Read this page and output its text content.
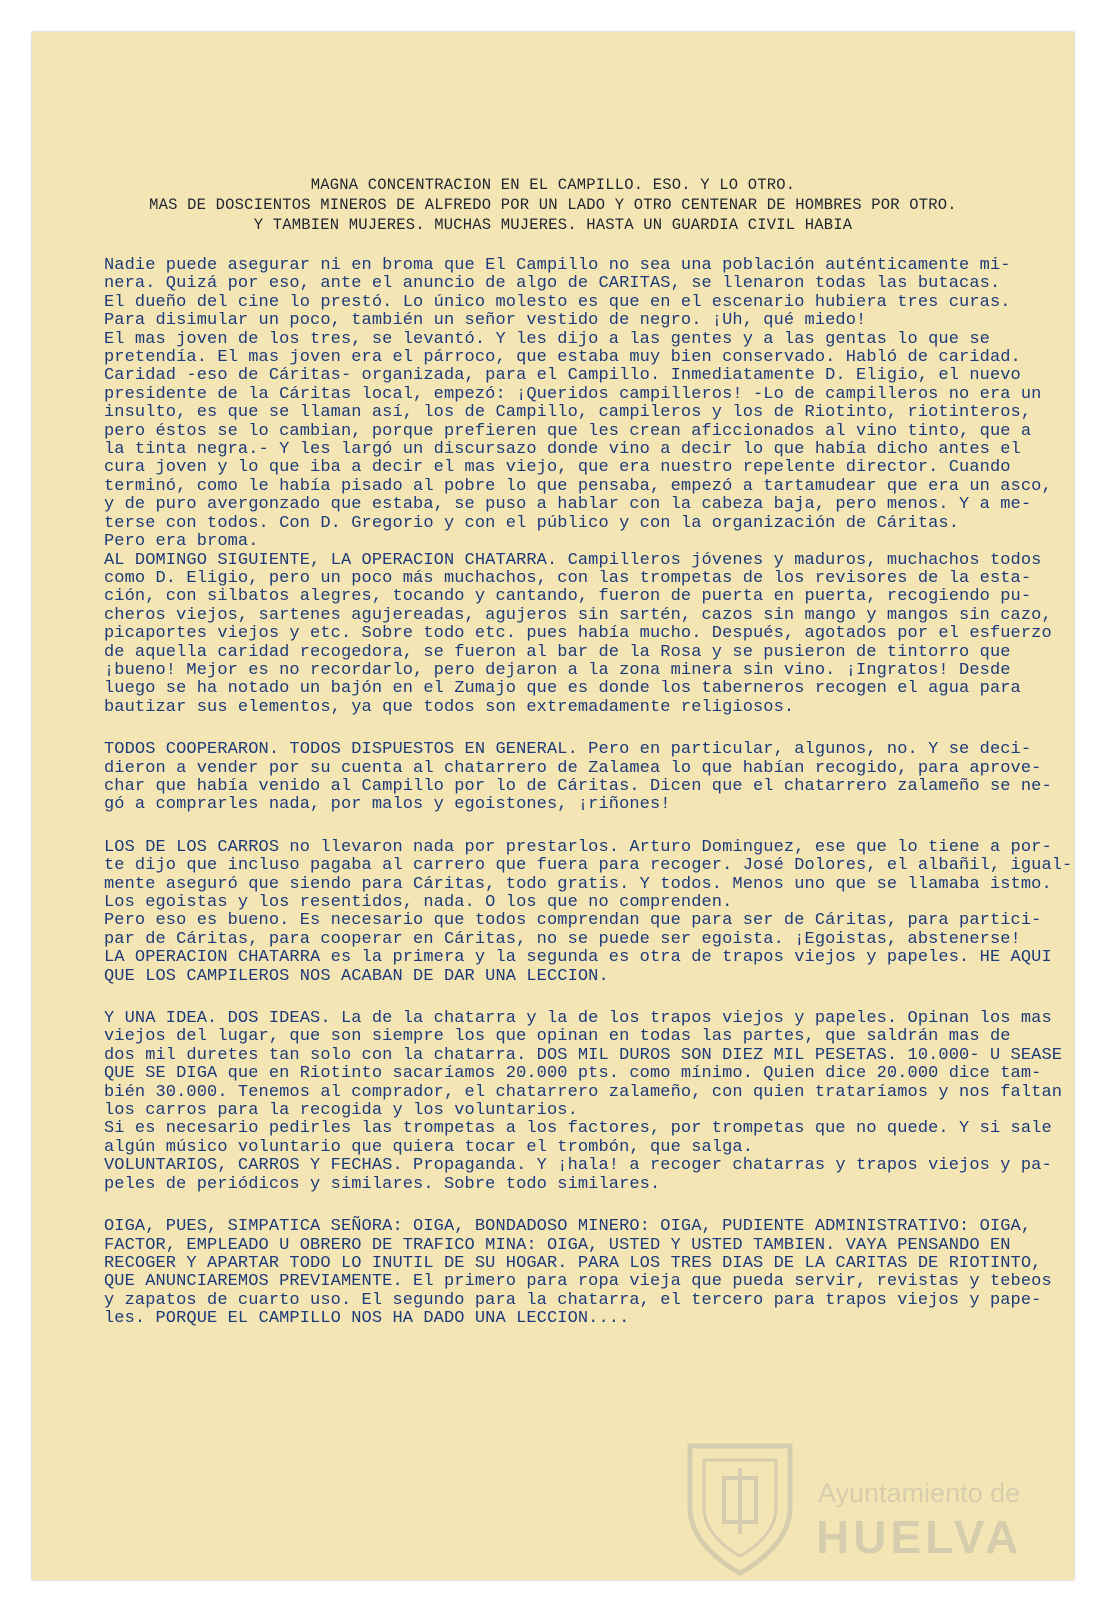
MAGNA CONCENTRACION EN EL CAMPILLO. ESO. Y LO OTRO.
MAS DE DOSCIENTOS MINEROS DE ALFREDO POR UN LADO Y OTRO CENTENAR DE HOMBRES POR OTRO.
Y TAMBIEN MUJERES. MUCHAS MUJERES. HASTA UN GUARDIA CIVIL HABIA
Nadie puede asegurar ni en broma que El Campillo no sea una población auténticamente mi-
nera. Quizá por eso, ante el anuncio de algo de CARITAS, se llenaron todas las butacas.
El dueño del cine lo prestó. Lo único molesto es que en el escenario hubiera tres curas.
Para disimular un poco, también un señor vestido de negro. ¡Uh, qué miedo!
El mas joven de los tres, se levantó. Y les dijo a las gentes y a las gentas lo que se
pretendía. El mas joven era el párroco, que estaba muy bien conservado. Habló de caridad.
Caridad -eso de Cáritas- organizada, para el Campillo. Inmediatamente D. Eligio, el nuevo
presidente de la Cáritas local, empezó: ¡Queridos campilleros! -Lo de campilleros no era un
insulto, es que se llaman así, los de Campillo, campileros y los de Riotinto, riotinteros,
pero éstos se lo cambian, porque prefieren que les crean aficcionados al vino tinto, que a
la tinta negra.- Y les largó un discursazo donde vino a decir lo que había dicho antes el
cura joven y lo que iba a decir el mas viejo, que era nuestro repelente director. Cuando
terminó, como le había pisado al pobre lo que pensaba, empezó a tartamudear que era un asco,
y de puro avergonzado que estaba, se puso a hablar con la cabeza baja, pero menos. Y a me-
terse con todos. Con D. Gregorio y con el público y con la organización de Cáritas.
Pero era broma.
AL DOMINGO SIGUIENTE, LA OPERACION CHATARRA. Campilleros jóvenes y maduros, muchachos todos
como D. Eligio, pero un poco más muchachos, con las trompetas de los revisores de la esta-
ción, con silbatos alegres, tocando y cantando, fueron de puerta en puerta, recogiendo pu-
cheros viejos, sartenes agujereadas, agujeros sin sartén, cazos sin mango y mangos sin cazo,
picaportes viejos y etc. Sobre todo etc. pues había mucho. Después, agotados por el esfuerzo
de aquella caridad recogedora, se fueron al bar de la Rosa y se pusieron de tintorro que
¡bueno! Mejor es no recordarlo, pero dejaron a la zona minera sin vino. ¡Ingratos! Desde
luego se ha notado un bajón en el Zumajo que es donde los taberneros recogen el agua para
bautizar sus elementos, ya que todos son extremadamente religiosos.
TODOS COOPERARON. TODOS DISPUESTOS EN GENERAL. Pero en particular, algunos, no. Y se deci-
dieron a vender por su cuenta al chatarrero de Zalamea lo que habían recogido, para aprove-
char que había venido al Campillo por lo de Cáritas. Dicen que el chatarrero zalameño se ne-
gó a comprarles nada, por malos y egoistones, ¡riñones!
LOS DE LOS CARROS no llevaron nada por prestarlos. Arturo Dominguez, ese que lo tiene a por-
te dijo que incluso pagaba al carrero que fuera para recoger. José Dolores, el albañil, igual-
mente aseguró que siendo para Cáritas, todo gratis. Y todos. Menos uno que se llamaba istmo.
Los egoistas y los resentidos, nada. O los que no comprenden.
Pero eso es bueno. Es necesario que todos comprendan que para ser de Cáritas, para partici-
par de Cáritas, para cooperar en Cáritas, no se puede ser egoista. ¡Egoistas, abstenerse!
LA OPERACION CHATARRA es la primera y la segunda es otra de trapos viejos y papeles. HE AQUI
QUE LOS CAMPILEROS NOS ACABAN DE DAR UNA LECCION.
Y UNA IDEA. DOS IDEAS. La de la chatarra y la de los trapos viejos y papeles. Opinan los mas
viejos del lugar, que son siempre los que opinan en todas las partes, que saldrán mas de
dos mil duretes tan solo con la chatarra. DOS MIL DUROS SON DIEZ MIL PESETAS. 10.000- U SEASE
QUE SE DIGA que en Riotinto sacaríamos 20.000 pts. como mínimo. Quien dice 20.000 dice tam-
bién 30.000. Tenemos al comprador, el chatarrero zalameño, con quien trataríamos y nos faltan
los carros para la recogida y los voluntarios.
Si es necesario pedirles las trompetas a los factores, por trompetas que no quede. Y si sale
algún músico voluntario que quiera tocar el trombón, que salga.
VOLUNTARIOS, CARROS Y FECHAS. Propaganda. Y ¡hala! a recoger chatarras y trapos viejos y pa-
peles de periódicos y similares. Sobre todo similares.
OIGA, PUES, SIMPATICA SEÑORA: OIGA, BONDADOSO MINERO: OIGA, PUDIENTE ADMINISTRATIVO: OIGA,
FACTOR, EMPLEADO U OBRERO DE TRAFICO MINA: OIGA, USTED Y USTED TAMBIEN. VAYA PENSANDO EN
RECOGER Y APARTAR TODO LO INUTIL DE SU HOGAR. PARA LOS TRES DIAS DE LA CARITAS DE RIOTINTO,
QUE ANUNCIAREMOS PREVIAMENTE. El primero para ropa vieja que pueda servir, revistas y tebeos
y zapatos de cuarto uso. El segundo para la chatarra, el tercero para trapos viejos y pape-
les. PORQUE EL CAMPILLO NOS HA DADO UNA LECCION....
Ayuntamiento de
HUELVA
